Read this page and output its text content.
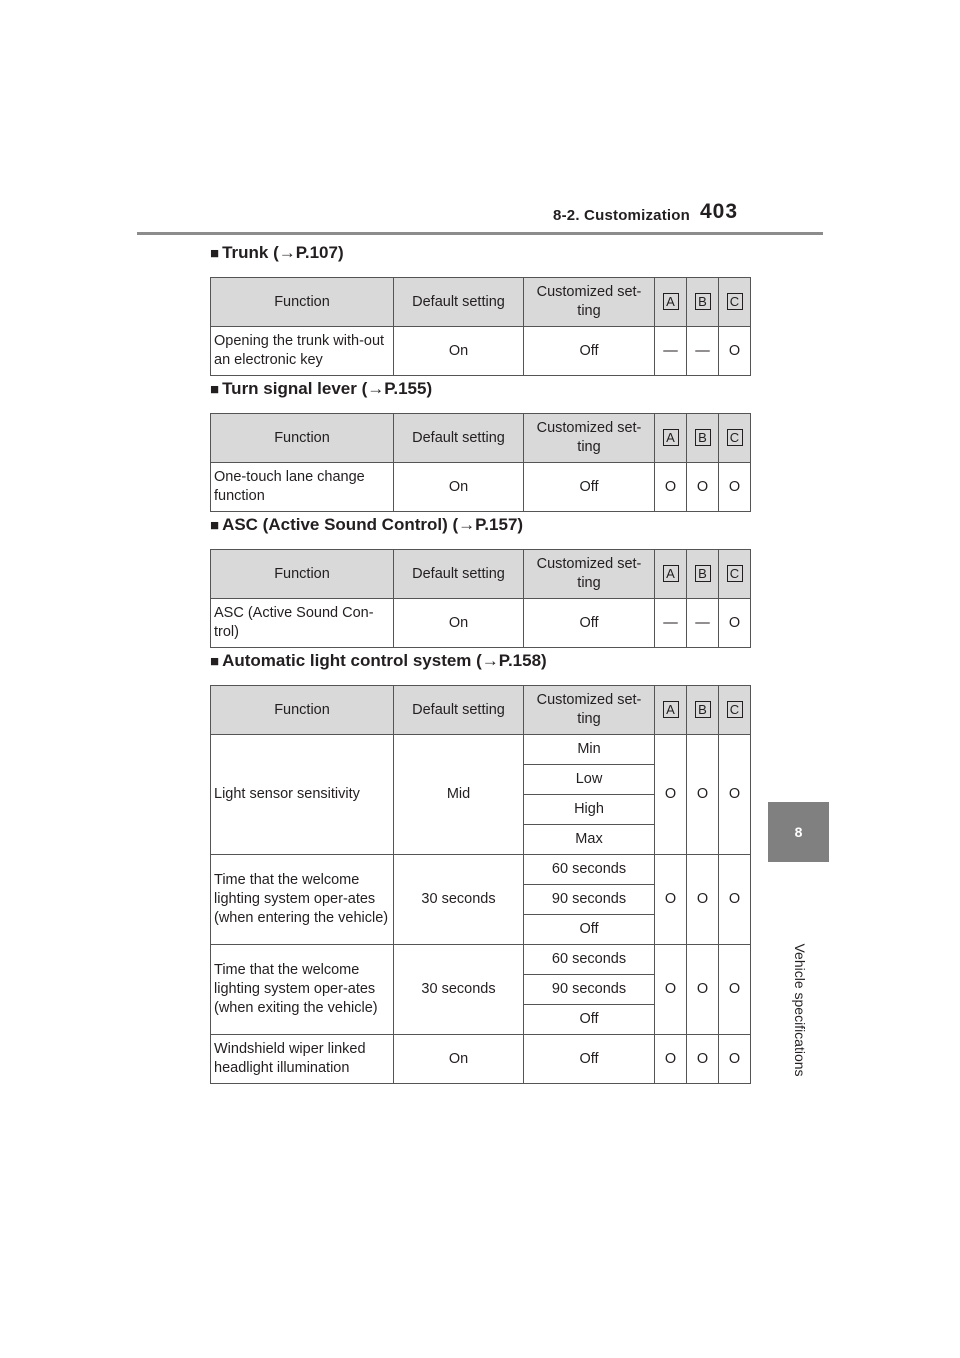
8-2. Customization 403
8
Vehicle specifications
■ Trunk (→P.107)
Function	Default setting	Customized set-ting	A	B	C
Opening the trunk with-out an electronic key	On	Off	—	—	O
■ Turn signal lever (→P.155)
Function	Default setting	Customized set-ting	A	B	C
One-touch lane change function	On	Off	O	O	O
■ ASC (Active Sound Control) (→P.157)
Function	Default setting	Customized set-ting	A	B	C
ASC (Active Sound Con-trol)	On	Off	—	—	O
■ Automatic light control system (→P.158)
Function	Default setting	Customized set-ting	A	B	C
Light sensor sensitivity	Mid	Min	O	O	O
		Low			
		High			
		Max			
Time that the welcome lighting system oper-ates (when entering the vehicle)	30 seconds	60 seconds	O	O	O
		90 seconds			
		Off			
Time that the welcome lighting system oper-ates (when exiting the vehicle)	30 seconds	60 seconds	O	O	O
		90 seconds			
		Off			
Windshield wiper linked headlight illumination	On	Off	O	O	O
